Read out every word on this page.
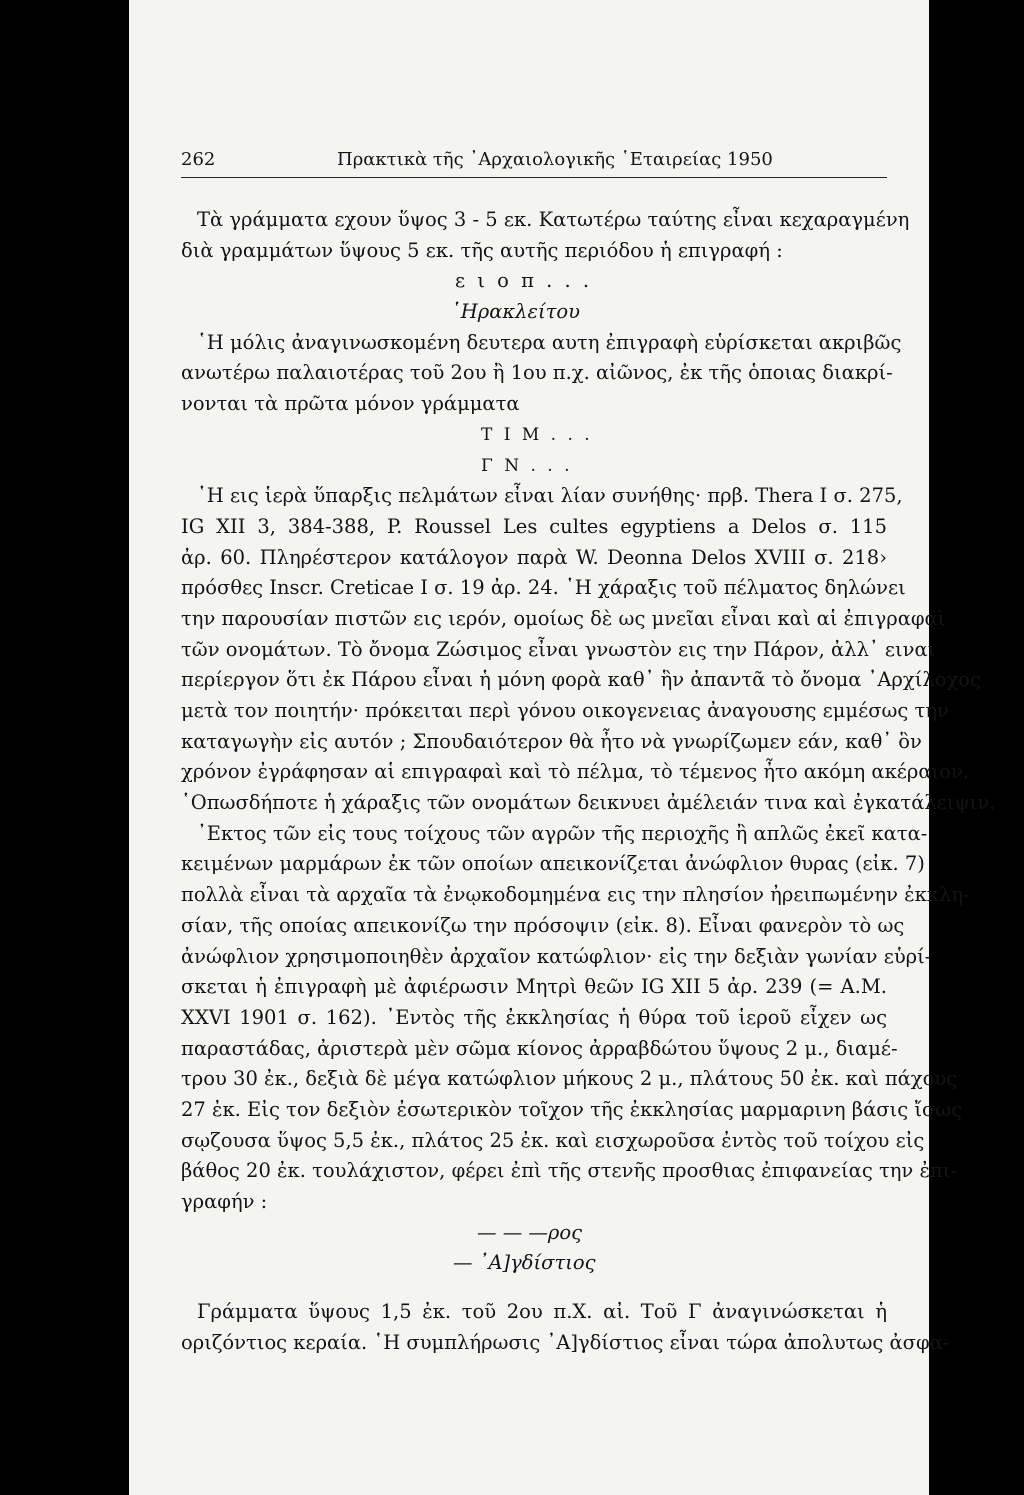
262	Πρακτικὰ τῆς ᾿Αρχαιολογικῆς ῾Εταιρείας 1950
Τὰ γράμματα εχουν ὕψος 3 - 5 εκ. Κατωτέρω ταύτης εἶναι κεχαραγμένη
διὰ γραμμάτων ὕψους 5 εκ. τῆς αυτῆς περιόδου ἡ επιγραφή :
ε ι ο π . . .
῾Ηρακλείτου
῾Η μόλις ἀναγινωσκομένη δευτερα αυτη ἐπιγραφὴ εὑρίσκεται ακριβῶς
ανωτέρω παλαιοτέρας τοῦ 2ου ἢ 1ου π.χ. αἰῶνος, ἐκ τῆς ὁποιας διακρί-
νονται τὰ πρῶτα μόνον γράμματα
Τ Ι Μ . . .
Γ Ν . . .
῾Η εις ἱερὰ ὕπαρξις πελμάτων εἶναι λίαν συνήθης· πρβ. Thera I σ. 275,
IG XII 3, 384-388, P. Roussel Les cultes egyptiens a Delos σ. 115
ἀρ. 60. Πληρέστερον κατάλογον παρὰ W. Deonna Delos XVIII σ. 218›
πρόσθες Inscr. Creticae I σ. 19 ἀρ. 24. ῾Η χάραξις τοῦ πέλματος δηλώνει
την παρουσίαν πιστῶν εις ιερόν, ομοίως δὲ ως μνεῖαι εἶναι καὶ αἱ ἐπιγραφαὶ
τῶν ονομάτων. Τὸ ὄνομα Ζώσιμος εἶναι γνωστὸν εις την Πάρον, ἀλλ᾽ ειναι
περίεργον ὅτι ἐκ Πάρου εἶναι ἡ μόνη φορὰ καθ᾽ ἣν ἀπαντᾶ τὸ ὄνομα ᾽Αρχίλοχος
μετὰ τον ποιητήν· πρόκειται περὶ γόνου οικογενειας ἀναγουσης εμμέσως την
καταγωγὴν εἰς αυτόν ; Σπουδαιότερον θὰ ἦτο νὰ γνωρίζωμεν εάν, καθ᾽ ὃν
χρόνον ἐγράφησαν αἱ επιγραφαὶ καὶ τὸ πέλμα, τὸ τέμενος ἦτο ακόμη ακέραιον.
῾Οπωσδήποτε ἡ χάραξις τῶν ονομάτων δεικνυει ἀμέλειάν τινα καὶ ἐγκατάλειψιν.
᾽Εκτος τῶν εἰς τους τοίχους τῶν αγρῶν τῆς περιοχῆς ἢ απλῶς ἐκεῖ κατα-
κειμένων μαρμάρων ἐκ τῶν οποίων απεικονίζεται ἀνώφλιον θυρας (εἰκ. 7)
πολλὰ εἶναι τὰ αρχαῖα τὰ ἐνῳκοδομημένα εις την πλησίον ἠρειπωμένην ἐκκλη-
σίαν, τῆς οποίας απεικονίζω την πρόσοψιν (εἰκ. 8). Εἶναι φανερὸν τὸ ως
ἀνώφλιον χρησιμοποιηθὲν ἀρχαῖον κατώφλιον· εἰς την δεξιὰν γωνίαν εὑρί-
σκεται ἡ ἐπιγραφὴ μὲ ἀφιέρωσιν Μητρὶ θεῶν IG XII 5 ἀρ. 239 (= Α.Μ.
XXVI 1901 σ. 162). ᾽Εντὸς τῆς ἐκκλησίας ἡ θύρα τοῦ ἱεροῦ εἶχεν ως
παραστάδας, ἀριστερὰ μὲν σῶμα κίονος ἀρραβδώτου ὕψους 2 μ., διαμέ-
τρου 30 ἐκ., δεξιὰ δὲ μέγα κατώφλιον μήκους 2 μ., πλάτους 50 ἐκ. καὶ πάχους
27 ἐκ. Εἰς τον δεξιὸν ἐσωτερικὸν τοῖχον τῆς ἐκκλησίας μαρμαρινη βάσις ἴσως
σῳζουσα ὕψος 5,5 ἐκ., πλάτος 25 ἐκ. καὶ εισχωροῦσα ἐντὸς τοῦ τοίχου εἰς
βάθος 20 ἐκ. τουλάχιστον, φέρει ἐπὶ τῆς στενῆς προσθιας ἐπιφανείας την ἐπι-
γραφήν :
— — —ρος
— ᾽Α]γδίστιος
Γράμματα ὕψους 1,5 ἐκ. τοῦ 2ου π.Χ. αἰ. Τοῦ Γ ἀναγινώσκεται ἡ
οριζόντιος κεραία. ῾Η συμπλήρωσις ᾽Α]γδίστιος εἶναι τώρα ἀπολυτως ἀσφα-
